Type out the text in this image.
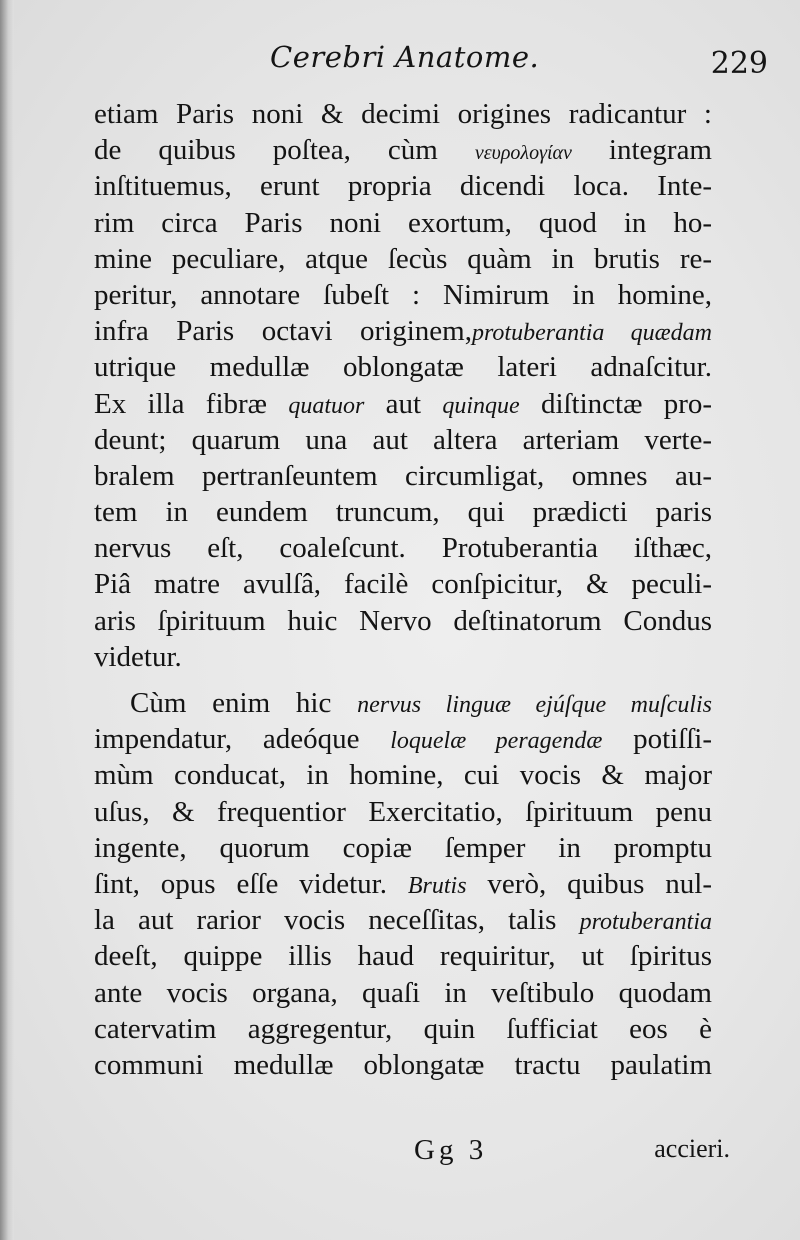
Cerebri Anatome.	229
etiam Paris noni & decimi origines radicantur :
de quibus poſtea, cùm νευρολογίαν integram
inſtituemus, erunt propria dicendi loca. Inte-
rim circa Paris noni exortum, quod in ho-
mine peculiare, atque ſecùs quàm in brutis re-
peritur, annotare ſubeſt : Nimirum in homine,
infra Paris octavi originem,protuberantia quædam
utrique medullæ oblongatæ lateri adnaſcitur.
Ex illa fibræ quatuor aut quinque diſtinctæ pro-
deunt; quarum una aut altera arteriam verte-
bralem pertranſeuntem circumligat, omnes au-
tem in eundem truncum, qui prædicti paris
nervus eſt, coaleſcunt. Protuberantia iſthæc,
Piâ matre avulſâ, facilè conſpicitur, & peculi-
aris ſpirituum huic Nervo deſtinatorum Condus
videtur.
Cùm enim hic nervus linguæ ejúſque muſculis
impendatur, adeóque loquelæ peragendæ potiſſi-
mùm conducat, in homine, cui vocis & major
uſus, & frequentior Exercitatio, ſpirituum penu
ingente, quorum copiæ ſemper in promptu
ſint, opus eſſe videtur. Brutis verò, quibus nul-
la aut rarior vocis neceſſitas, talis protuberantia
deeſt, quippe illis haud requiritur, ut ſpiritus
ante vocis organa, quaſi in veſtibulo quodam
catervatim aggregentur, quin ſufficiat eos è
communi medullæ oblongatæ tractu paulatim
Gg 3	accieri.
